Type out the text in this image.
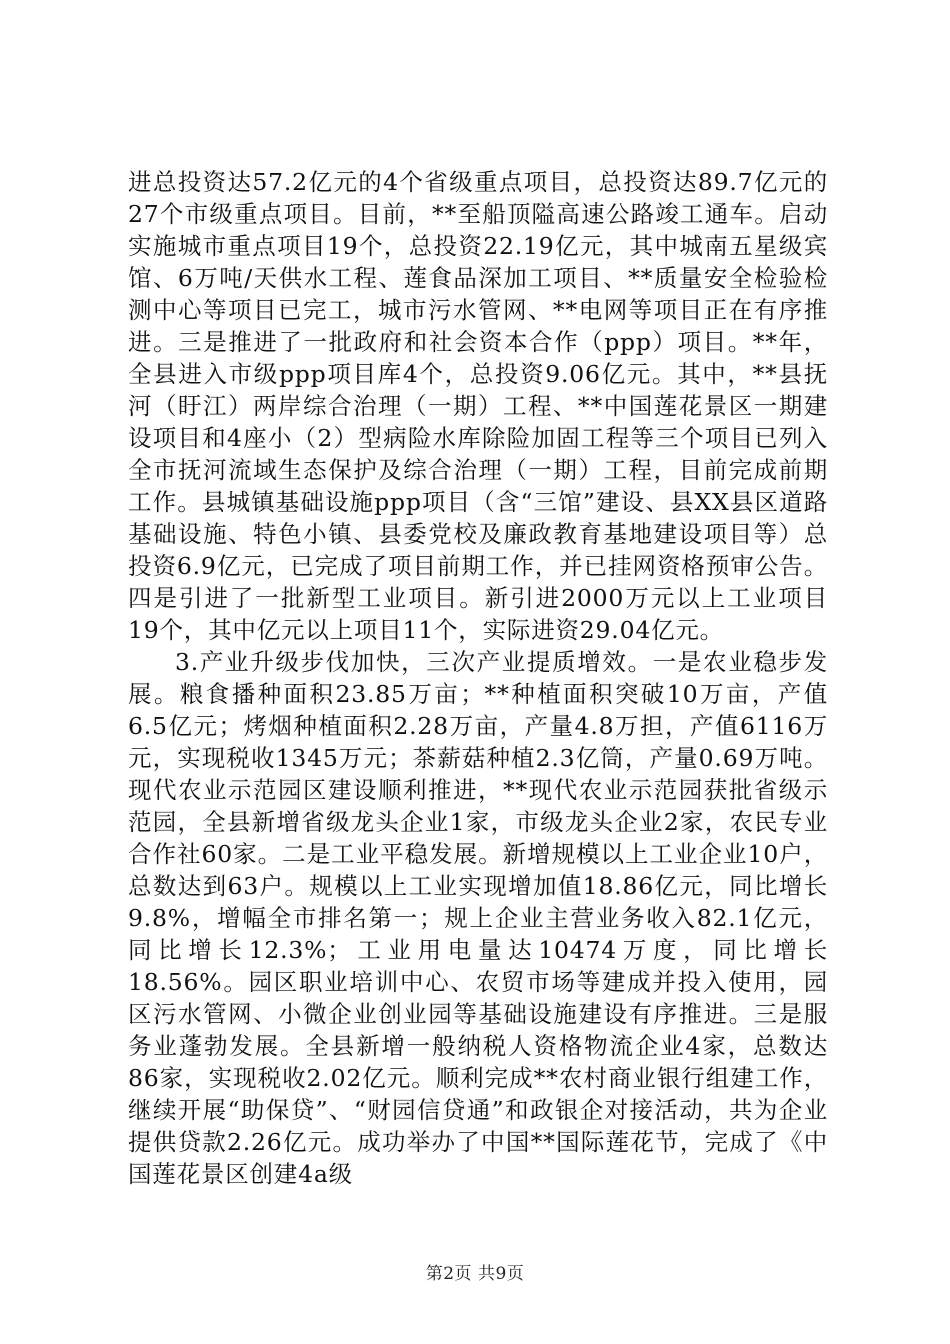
进总投资达57.2亿元的4个省级重点项目，总投资达89.7亿元的27个市级重点项目。目前，**至船顶隘高速公路竣工通车。启动实施城市重点项目19个，总投资22.19亿元，其中城南五星级宾馆、6万吨/天供水工程、莲食品深加工项目、**质量安全检验检测中心等项目已完工，城市污水管网、**电网等项目正在有序推进。三是推进了一批政府和社会资本合作（ppp）项目。**年，全县进入市级ppp项目库4个，总投资9.06亿元。其中，**县抚河（盱江）两岸综合治理（一期）工程、**中国莲花景区一期建设项目和4座小（2）型病险水库除险加固工程等三个项目已列入全市抚河流域生态保护及综合治理（一期）工程，目前完成前期工作。县城镇基础设施ppp项目（含“三馆”建设、县XX县区道路基础设施、特色小镇、县委党校及廉政教育基地建设项目等）总投资6.9亿元，已完成了项目前期工作，并已挂网资格预审公告。四是引进了一批新型工业项目。新引进2000万元以上工业项目19个，其中亿元以上项目11个，实际进资29.04亿元。

3.产业升级步伐加快，三次产业提质增效。一是农业稳步发展。粮食播种面积23.85万亩；**种植面积突破10万亩，产值6.5亿元；烤烟种植面积2.28万亩，产量4.8万担，产值6116万元，实现税收1345万元；茶薪菇种植2.3亿筒，产量0.69万吨。现代农业示范园区建设顺利推进，**现代农业示范园获批省级示范园，全县新增省级龙头企业1家，市级龙头企业2家，农民专业合作社60家。二是工业平稳发展。新增规模以上工业企业10户，总数达到63户。规模以上工业实现增加值18.86亿元，同比增长9.8%，增幅全市排名第一；规上企业主营业务收入82.1亿元，同比增长12.3%；工业用电量达10474万度，同比增长18.56%。园区职业培训中心、农贸市场等建成并投入使用，园区污水管网、小微企业创业园等基础设施建设有序推进。三是服务业蓬勃发展。全县新增一般纳税人资格物流企业4家，总数达86家，实现税收2.02亿元。顺利完成**农村商业银行组建工作，继续开展“助保贷”、“财园信贷通”和政银企对接活动，共为企业提供贷款2.26亿元。成功举办了中国**国际莲花节，完成了《中国莲花景区创建4a级

第2页 共9页
